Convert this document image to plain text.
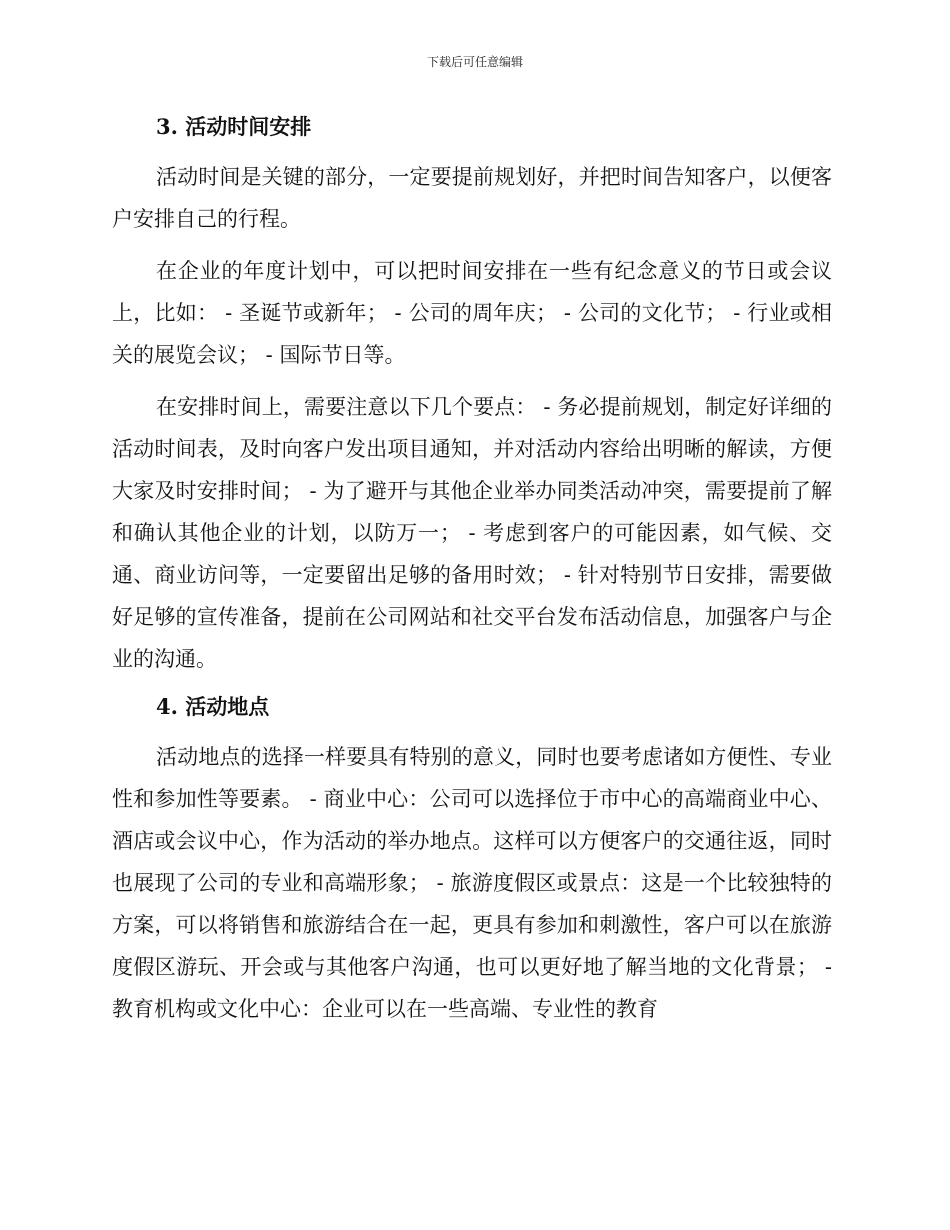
下载后可任意编辑
3. 活动时间安排

活动时间是关键的部分，一定要提前规划好，并把时间告知客户，以便客户安排自己的行程。

在企业的年度计划中，可以把时间安排在一些有纪念意义的节日或会议上，比如： - 圣诞节或新年； - 公司的周年庆； - 公司的文化节； - 行业或相关的展览会议； - 国际节日等。

在安排时间上，需要注意以下几个要点： - 务必提前规划，制定好详细的活动时间表，及时向客户发出项目通知，并对活动内容给出明晰的解读，方便大家及时安排时间； - 为了避开与其他企业举办同类活动冲突，需要提前了解和确认其他企业的计划，以防万一； - 考虑到客户的可能因素，如气候、交通、商业访问等，一定要留出足够的备用时效； - 针对特别节日安排，需要做好足够的宣传准备，提前在公司网站和社交平台发布活动信息，加强客户与企业的沟通。

4. 活动地点

活动地点的选择一样要具有特别的意义，同时也要考虑诸如方便性、专业性和参加性等要素。 - 商业中心：公司可以选择位于市中心的高端商业中心、酒店或会议中心，作为活动的举办地点。这样可以方便客户的交通往返，同时也展现了公司的专业和高端形象； - 旅游度假区或景点：这是一个比较独特的方案，可以将销售和旅游结合在一起，更具有参加和刺激性，客户可以在旅游度假区游玩、开会或与其他客户沟通，也可以更好地了解当地的文化背景； - 教育机构或文化中心：企业可以在一些高端、专业性的教育
